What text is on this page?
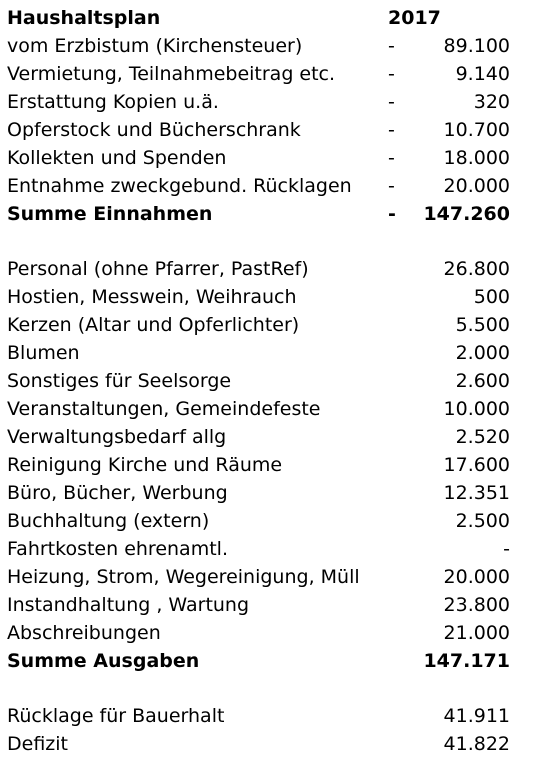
Haushaltsplan	2017
vom Erzbistum (Kirchensteuer)	-	89.100
Vermietung, Teilnahmebeitrag etc.	-	9.140
Erstattung Kopien u.ä.	-	320
Opferstock und Bücherschrank	-	10.700
Kollekten und Spenden	-	18.000
Entnahme zweckgebund. Rücklagen -	20.000
Summe Einnahmen	- 147.260
Personal (ohne Pfarrer, PastRef)	26.800
Hostien, Messwein, Weihrauch	500
Kerzen (Altar und Opferlichter)	5.500
Blumen	2.000
Sonstiges für Seelsorge	2.600
Veranstaltungen, Gemeindefeste	10.000
Verwaltungsbedarf allg	2.520
Reinigung Kirche und Räume	17.600
Büro, Bücher, Werbung	12.351
Buchhaltung (extern)	2.500
Fahrtkosten ehrenamtl.	-
Heizung, Strom, Wegereinigung, Müll	20.000
Instandhaltung , Wartung	23.800
Abschreibungen	21.000
Summe Ausgaben	147.171
Rücklage für Bauerhalt	41.911
Defizit	41.822
